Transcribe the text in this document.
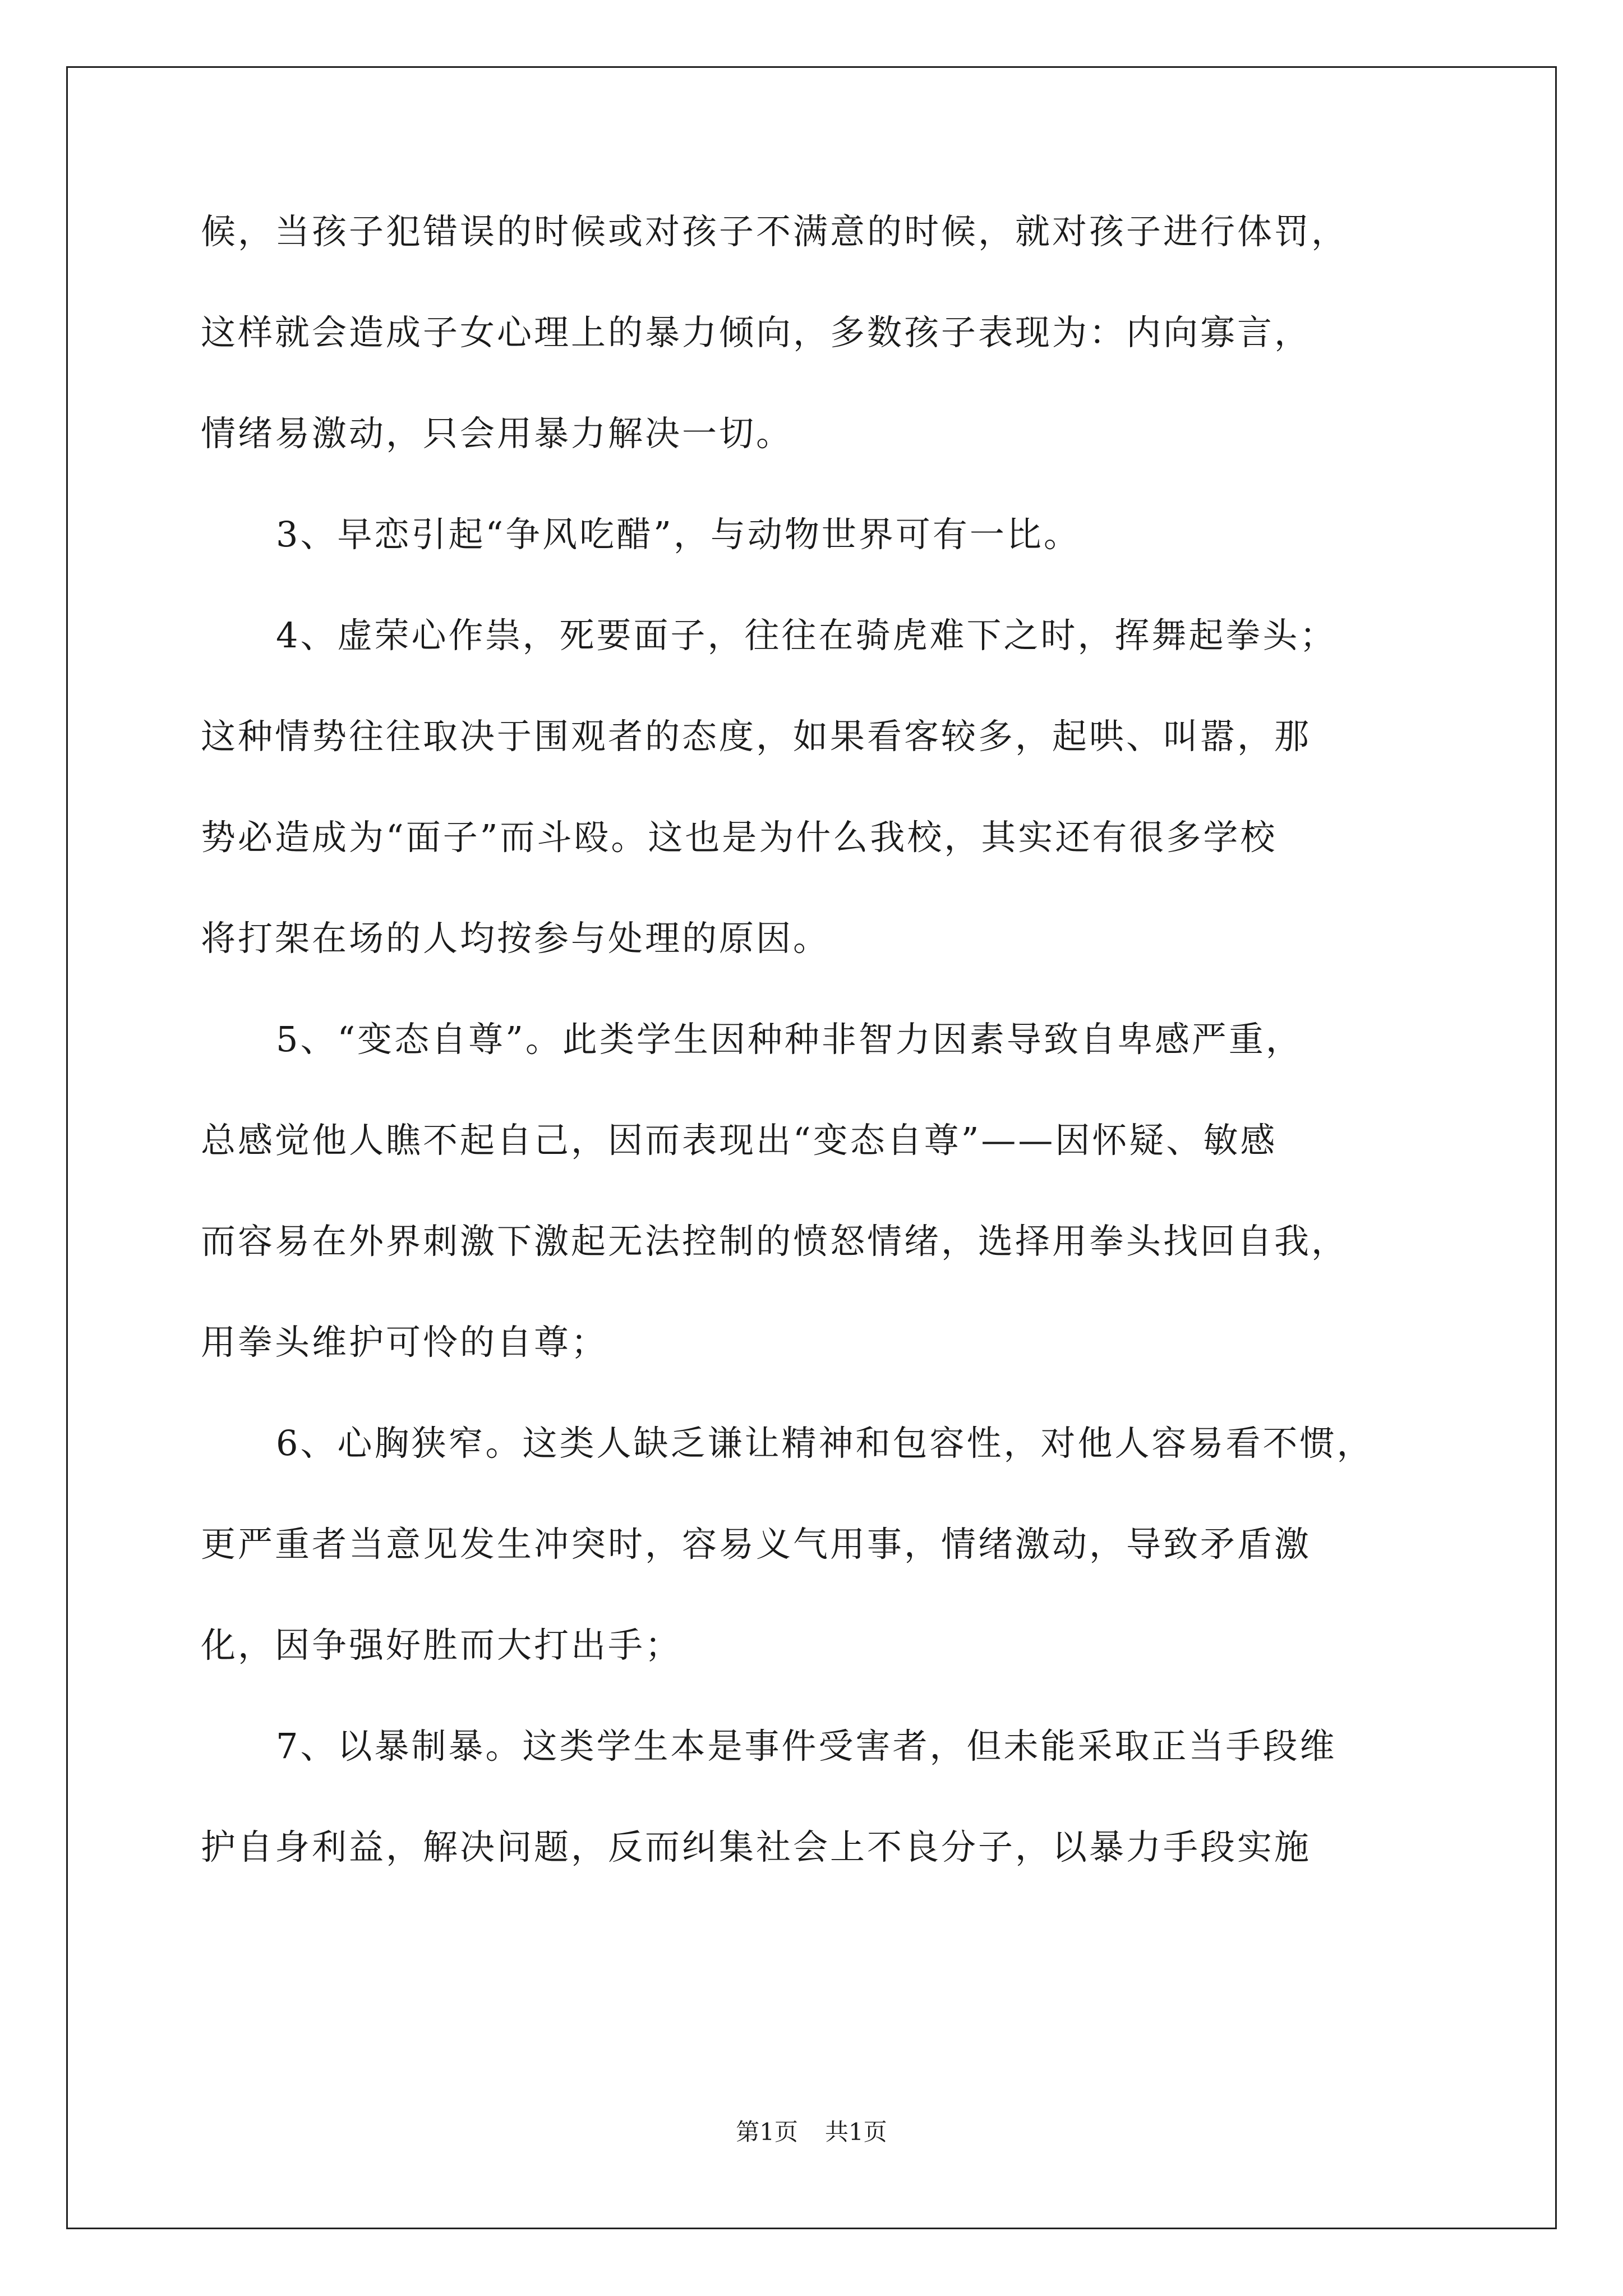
候，当孩子犯错误的时候或对孩子不满意的时候，就对孩子进行体罚，
这样就会造成子女心理上的暴力倾向，多数孩子表现为：内向寡言，
情绪易激动，只会用暴力解决一切。
3、早恋引起“争风吃醋”，与动物世界可有一比。
4、虚荣心作祟，死要面子，往往在骑虎难下之时，挥舞起拳头；
这种情势往往取决于围观者的态度，如果看客较多，起哄、叫嚣，那
势必造成为“面子”而斗殴。这也是为什么我校，其实还有很多学校
将打架在场的人均按参与处理的原因。
5、“变态自尊”。此类学生因种种非智力因素导致自卑感严重，
总感觉他人瞧不起自己，因而表现出“变态自尊”——因怀疑、敏感
而容易在外界刺激下激起无法控制的愤怒情绪，选择用拳头找回自我，
用拳头维护可怜的自尊；
6、心胸狭窄。这类人缺乏谦让精神和包容性，对他人容易看不惯，
更严重者当意见发生冲突时，容易义气用事，情绪激动，导致矛盾激
化，因争强好胜而大打出手；
7、以暴制暴。这类学生本是事件受害者，但未能采取正当手段维
护自身利益，解决问题，反而纠集社会上不良分子，以暴力手段实施
第1页 共1页
